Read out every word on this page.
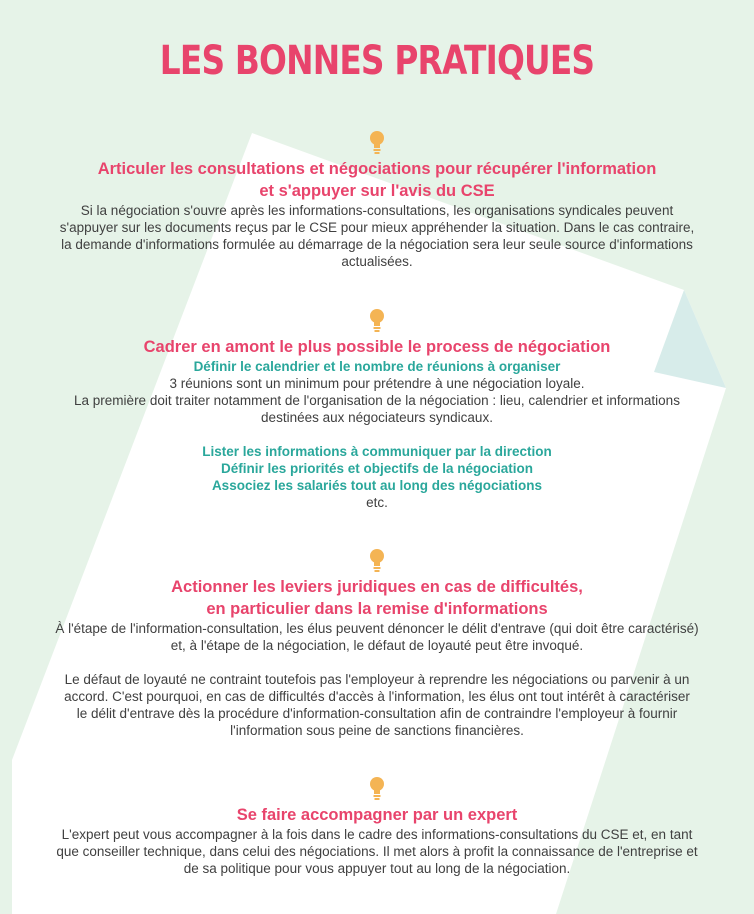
LES BONNES PRATIQUES
Articuler les consultations et négociations pour récupérer l'information
et s'appuyer sur l'avis du CSE
Si la négociation s'ouvre après les informations-consultations, les organisations syndicales peuvent
s'appuyer sur les documents reçus par le CSE pour mieux appréhender la situation. Dans le cas contraire,
la demande d'informations formulée au démarrage de la négociation sera leur seule source d'informations
actualisées.
Cadrer en amont le plus possible le process de négociation
Définir le calendrier et le nombre de réunions à organiser
3 réunions sont un minimum pour prétendre à une négociation loyale.
La première doit traiter notamment de l'organisation de la négociation : lieu, calendrier et informations
destinées aux négociateurs syndicaux.
Lister les informations à communiquer par la direction
Définir les priorités et objectifs de la négociation
Associez les salariés tout au long des négociations
etc.
Actionner les leviers juridiques en cas de difficultés,
en particulier dans la remise d'informations
À l'étape de l'information-consultation, les élus peuvent dénoncer le délit d'entrave (qui doit être caractérisé)
et, à l'étape de la négociation, le défaut de loyauté peut être invoqué.
Le défaut de loyauté ne contraint toutefois pas l'employeur à reprendre les négociations ou parvenir à un
accord. C'est pourquoi, en cas de difficultés d'accès à l'information, les élus ont tout intérêt à caractériser
le délit d'entrave dès la procédure d'information-consultation afin de contraindre l'employeur à fournir
l'information sous peine de sanctions financières.
Se faire accompagner par un expert
L'expert peut vous accompagner à la fois dans le cadre des informations-consultations du CSE et, en tant
que conseiller technique, dans celui des négociations. Il met alors à profit la connaissance de l'entreprise et
de sa politique pour vous appuyer tout au long de la négociation.
